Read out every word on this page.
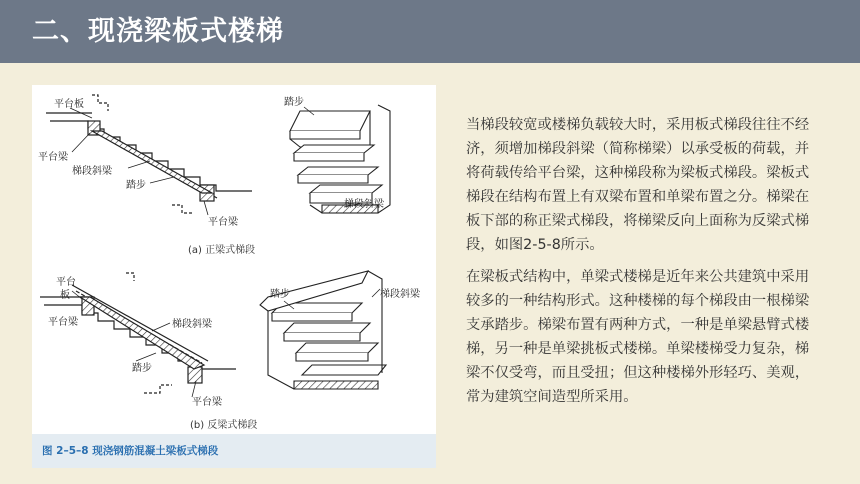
二、现浇梁板式楼梯
平台板
平台梁
梯段斜梁
踏步
平台梁
(a) 正梁式梯段
踏步
梯段斜梁
平台
板
平台梁	梯段斜梁
踏步
平台梁
(b) 反梁式梯段
踏步	梯段斜梁
图 2–5–8 现浇钢筋混凝土梁板式梯段

当梯段较宽或楼梯负载较大时，采用板式梯段往往不经济，须增加梯段斜梁（简称梯梁）以承受板的荷载，并将荷载传给平台梁，这种梯段称为梁板式梯段。梁板式梯段在结构布置上有双梁布置和单梁布置之分。梯梁在板下部的称正梁式梯段，将梯梁反向上面称为反梁式梯段，如图2-5-8所示。

在梁板式结构中，单梁式楼梯是近年来公共建筑中采用较多的一种结构形式。这种楼梯的每个梯段由一根梯梁支承踏步。梯梁布置有两种方式，一种是单梁悬臂式楼梯，另一种是单梁挑板式楼梯。单梁楼梯受力复杂，梯梁不仅受弯，而且受扭；但这种楼梯外形轻巧、美观，常为建筑空间造型所采用。
